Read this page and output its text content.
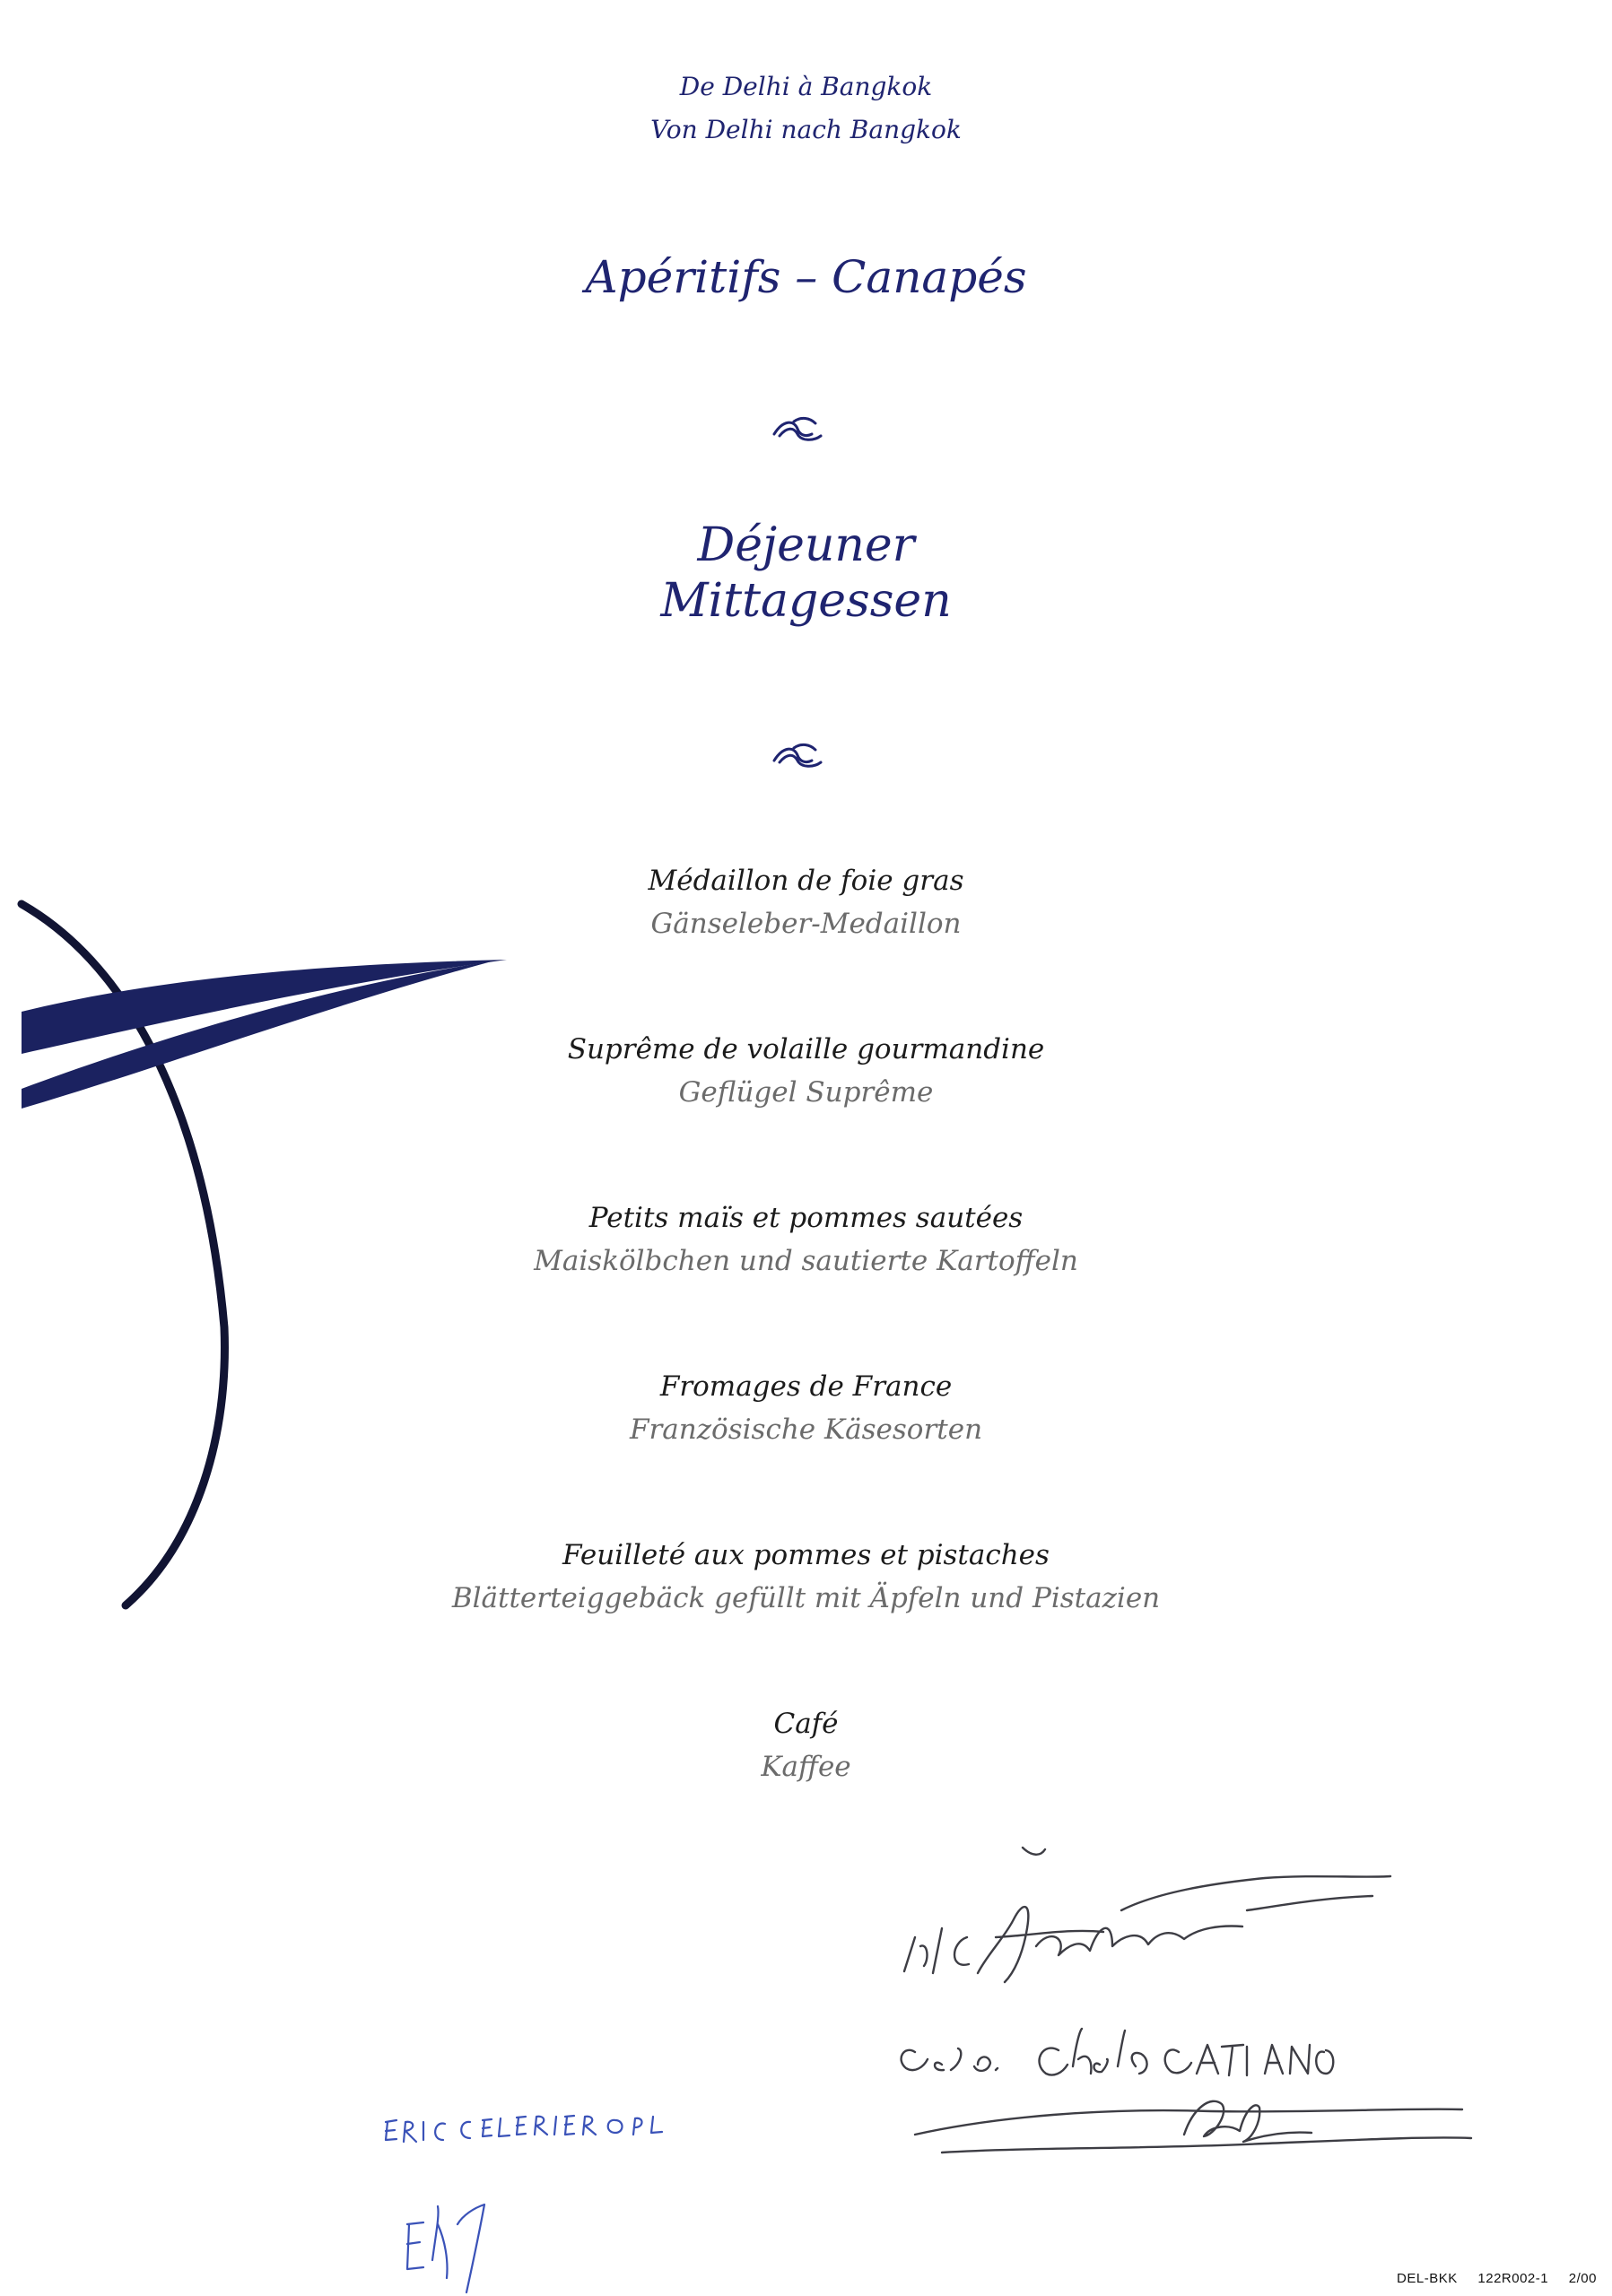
De Delhi à Bangkok
Von Delhi nach Bangkok
Apéritifs – Canapés
Déjeuner
Mittagessen
Médaillon de foie gras
Gänseleber-Medaillon
Suprême de volaille gourmandine
Geflügel Suprême
Petits maïs et pommes sautées
Maiskölbchen und sautierte Kartoffeln
Fromages de France
Französische Käsesorten
Feuilleté aux pommes et pistaches
Blätterteiggebäck gefüllt mit Äpfeln und Pistazien
Café
Kaffee
DEL-BKK 122R002-1 2/00
